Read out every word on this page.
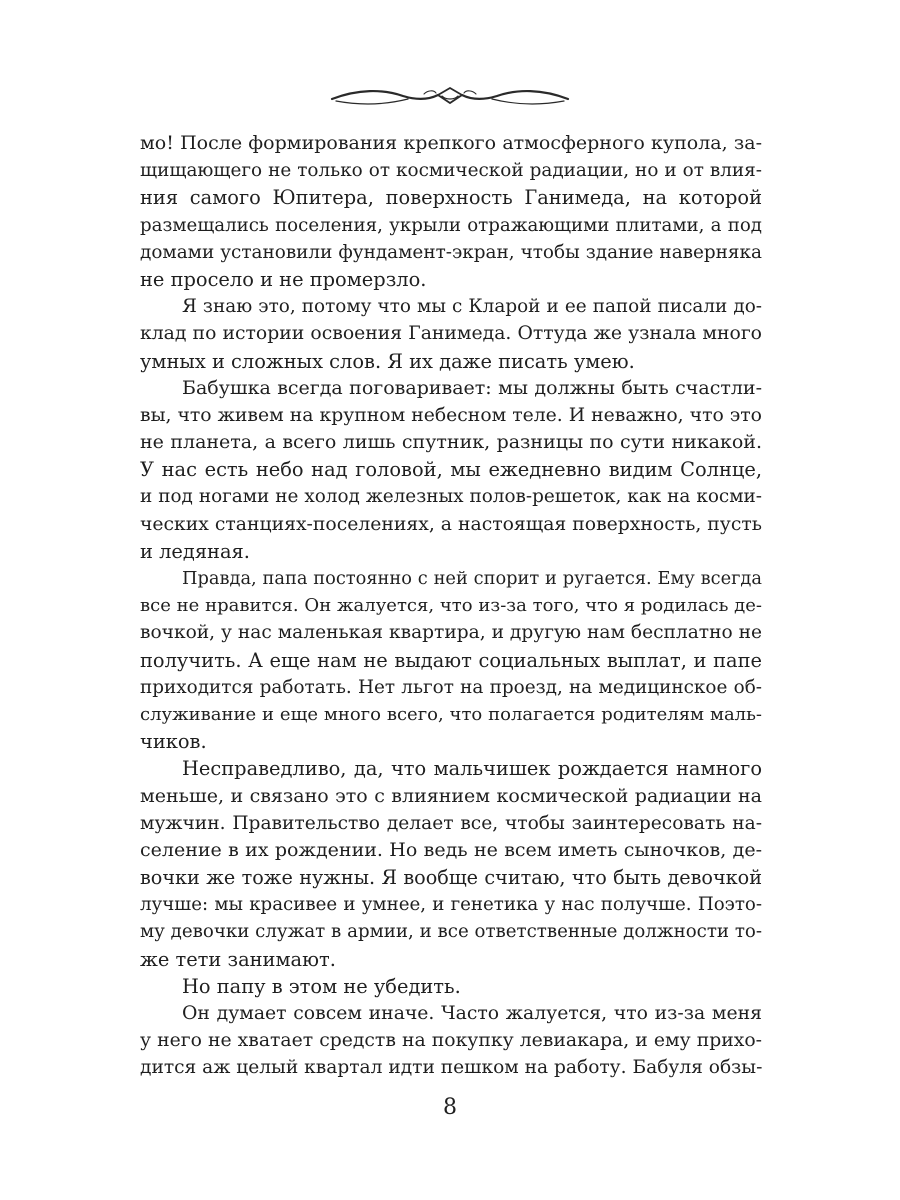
мо! После формирования крепкого атмосферного купола, за-
щищающего не только от космической радиации, но и от влия-
ния самого Юпитера, поверхность Ганимеда, на которой
размещались поселения, укрыли отражающими плитами, а под
домами установили фундамент-экран, чтобы здание наверняка
не просело и не промерзло.
Я знаю это, потому что мы с Кларой и ее папой писали до-
клад по истории освоения Ганимеда. Оттуда же узнала много
умных и сложных слов. Я их даже писать умею.
Бабушка всегда поговаривает: мы должны быть счастли-
вы, что живем на крупном небесном теле. И неважно, что это
не планета, а всего лишь спутник, разницы по сути никакой.
У нас есть небо над головой, мы ежедневно видим Солнце,
и под ногами не холод железных полов-решеток, как на косми-
ческих станциях-поселениях, а настоящая поверхность, пусть
и ледяная.
Правда, папа постоянно с ней спорит и ругается. Ему всегда
все не нравится. Он жалуется, что из-за того, что я родилась де-
вочкой, у нас маленькая квартира, и другую нам бесплатно не
получить. А еще нам не выдают социальных выплат, и папе
приходится работать. Нет льгот на проезд, на медицинское об-
служивание и еще много всего, что полагается родителям маль-
чиков.
Несправедливо, да, что мальчишек рождается намного
меньше, и связано это с влиянием космической радиации на
мужчин. Правительство делает все, чтобы заинтересовать на-
селение в их рождении. Но ведь не всем иметь сыночков, де-
вочки же тоже нужны. Я вообще считаю, что быть девочкой
лучше: мы красивее и умнее, и генетика у нас получше. Поэто-
му девочки служат в армии, и все ответственные должности то-
же тети занимают.
Но папу в этом не убедить.
Он думает совсем иначе. Часто жалуется, что из-за меня
у него не хватает средств на покупку левиакара, и ему прихо-
дится аж целый квартал идти пешком на работу. Бабуля обзы-
8
